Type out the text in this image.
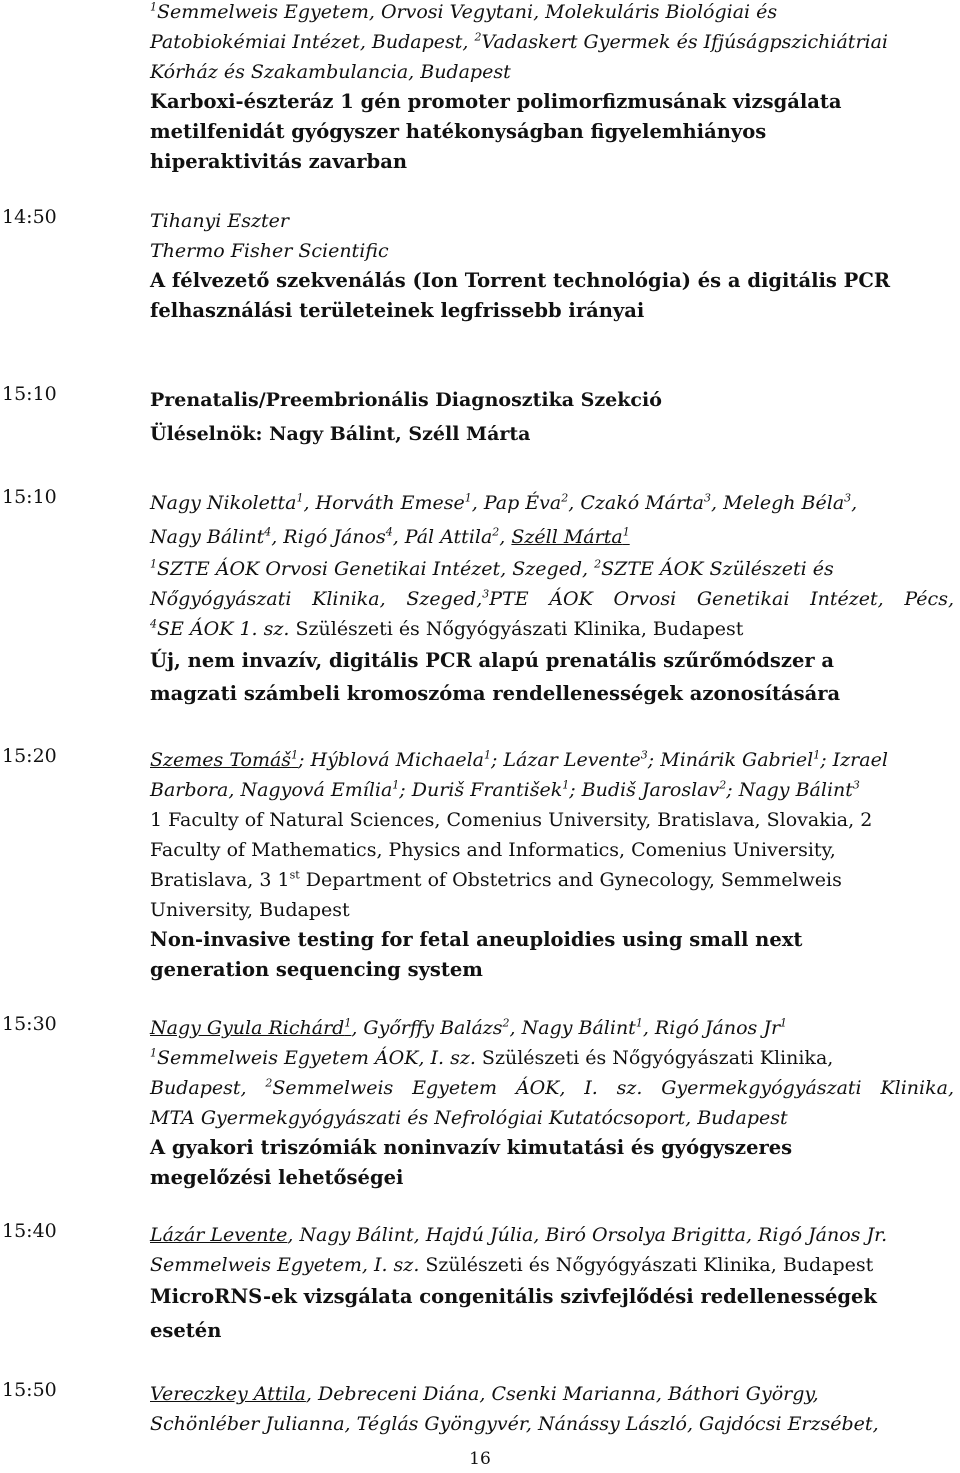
$^1$Semmelweis Egyetem, Orvosi Vegytani, Molekuláris Biológiai és
Patobiokémiai Intézet, Budapest, $^2$Vadaskert Gyermek és Ifjúságpszichiátriai
Kórház és Szakambulancia, Budapest
Karboxi-észteráz 1 gén promoter polimorfizmusának vizsgálata
metilfenidát gyógyszer hatékonyságban figyelemhiányos
hiperaktivitás zavarban
14:50	Tihanyi Eszter
Thermo Fisher Scientific
A félvezető szekvenálás (Ion Torrent technológia) és a digitális PCR
felhasználási területeinek legfrissebb irányai
15:10	Prenatalis/Preembrionális Diagnosztika Szekció
Üléselnök: Nagy Bálint, Széll Márta
15:10	Nagy Nikoletta$^1$, Horváth Emese$^1$, Pap Éva$^2$, Czakó Márta$^3$, Melegh Béla$^3$,
Nagy Bálint$^4$, Rigó János$^4$, Pál Attila$^2$, Széll Márta$^1$
$^1$SZTE ÁOK Orvosi Genetikai Intézet, Szeged, $^2$SZTE ÁOK Szülészeti és
Nőgyógyászati Klinika, Szeged,$^3$PTE ÁOK Orvosi Genetikai Intézet, Pécs,
$^4$SE ÁOK 1. sz. Szülészeti és Nőgyógyászati Klinika, Budapest
Új, nem invazív, digitális PCR alapú prenatális szűrőmódszer a
magzati számbeli kromoszóma rendellenességek azonosítására
15:20	Szemes Tomáš$^1$; Hýblová Michaela$^1$; Lázar Levente$^3$; Minárik Gabriel$^1$; Izrael
Barbora, Nagyová Emília$^1$; Duriš František$^1$; Budiš Jaroslav$^2$; Nagy Bálint$^3$
1 Faculty of Natural Sciences, Comenius University, Bratislava, Slovakia, 2
Faculty of Mathematics, Physics and Informatics, Comenius University,
Bratislava, 3 1st Department of Obstetrics and Gynecology, Semmelweis
University, Budapest
Non-invasive testing for fetal aneuploidies using small next
generation sequencing system
15:30	Nagy Gyula Richárd$^1$, Győrffy Balázs$^2$, Nagy Bálint$^1$, Rigó János Jr$^1$
$^1$Semmelweis Egyetem ÁOK, I. sz. Szülészeti és Nőgyógyászati Klinika,
Budapest, $^2$Semmelweis Egyetem ÁOK, I. sz. Gyermekgyógyászati Klinika,
MTA Gyermekgyógyászati és Nefrológiai Kutatócsoport, Budapest
A gyakori triszómiák noninvazív kimutatási és gyógyszeres
megelőzési lehetőségei
15:40	Lázár Levente, Nagy Bálint, Hajdú Júlia, Biró Orsolya Brigitta, Rigó János Jr.
Semmelweis Egyetem, I. sz. Szülészeti és Nőgyógyászati Klinika, Budapest
MicroRNS-ek vizsgálata congenitális szivfejlődési redellenességek
esetén
15:50	Vereczkey Attila, Debreceni Diána, Csenki Marianna, Báthori György,
Schönléber Julianna, Téglás Gyöngyvér, Nánássy László, Gajdócsi Erzsébet,
16
